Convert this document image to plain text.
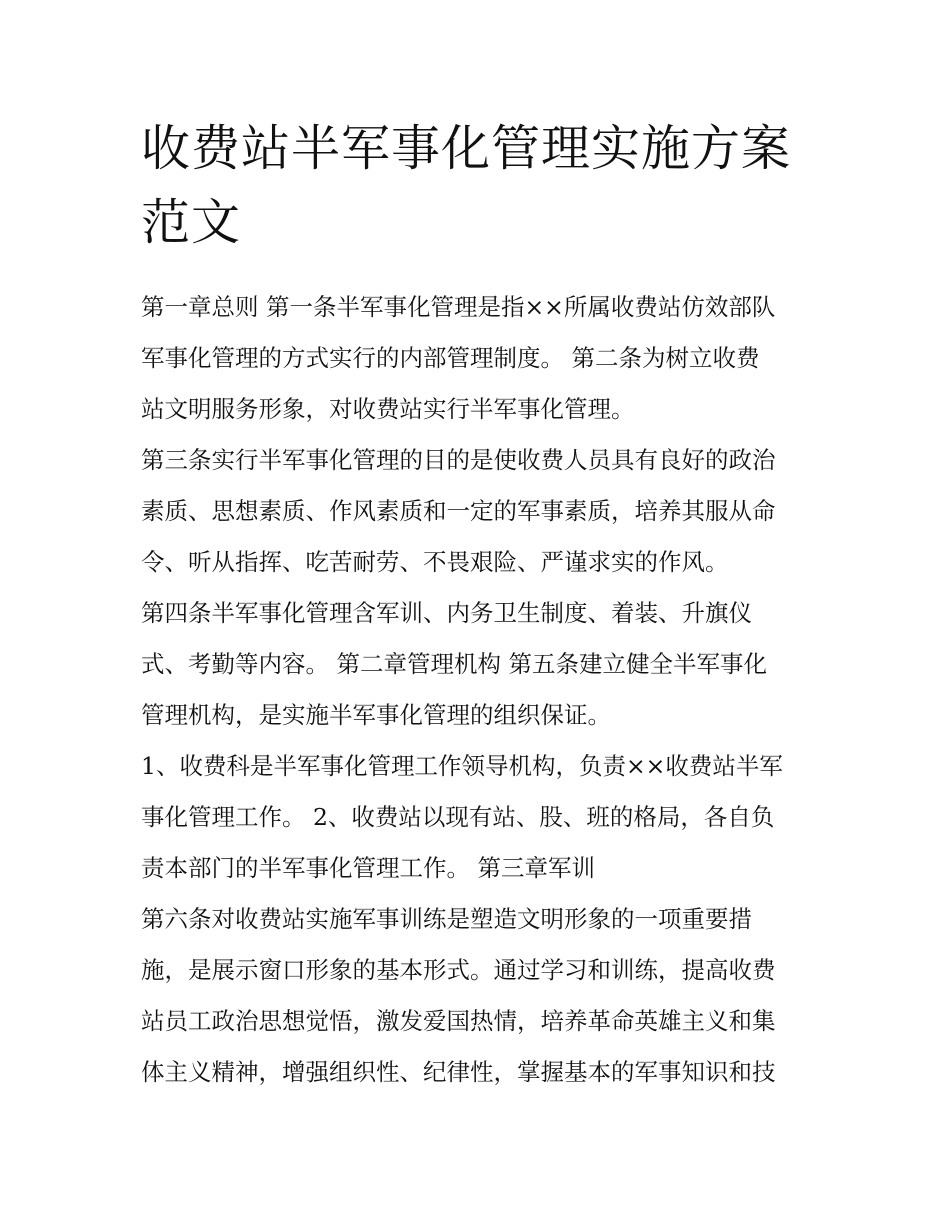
收费站半军事化管理实施方案
范文

第一章总则 第一条半军事化管理是指××所属收费站仿效部队
军事化管理的方式实行的内部管理制度。 第二条为树立收费
站文明服务形象，对收费站实行半军事化管理。

第三条实行半军事化管理的目的是使收费人员具有良好的政治
素质、思想素质、作风素质和一定的军事素质，培养其服从命
令、听从指挥、吃苦耐劳、不畏艰险、严谨求实的作风。

第四条半军事化管理含军训、内务卫生制度、着装、升旗仪
式、考勤等内容。 第二章管理机构 第五条建立健全半军事化
管理机构，是实施半军事化管理的组织保证。

1、收费科是半军事化管理工作领导机构，负责××收费站半军
事化管理工作。 2、收费站以现有站、股、班的格局，各自负
责本部门的半军事化管理工作。 第三章军训

第六条对收费站实施军事训练是塑造文明形象的一项重要措
施，是展示窗口形象的基本形式。通过学习和训练，提高收费
站员工政治思想觉悟，激发爱国热情，培养革命英雄主义和集
体主义精神，增强组织性、纪律性，掌握基本的军事知识和技
